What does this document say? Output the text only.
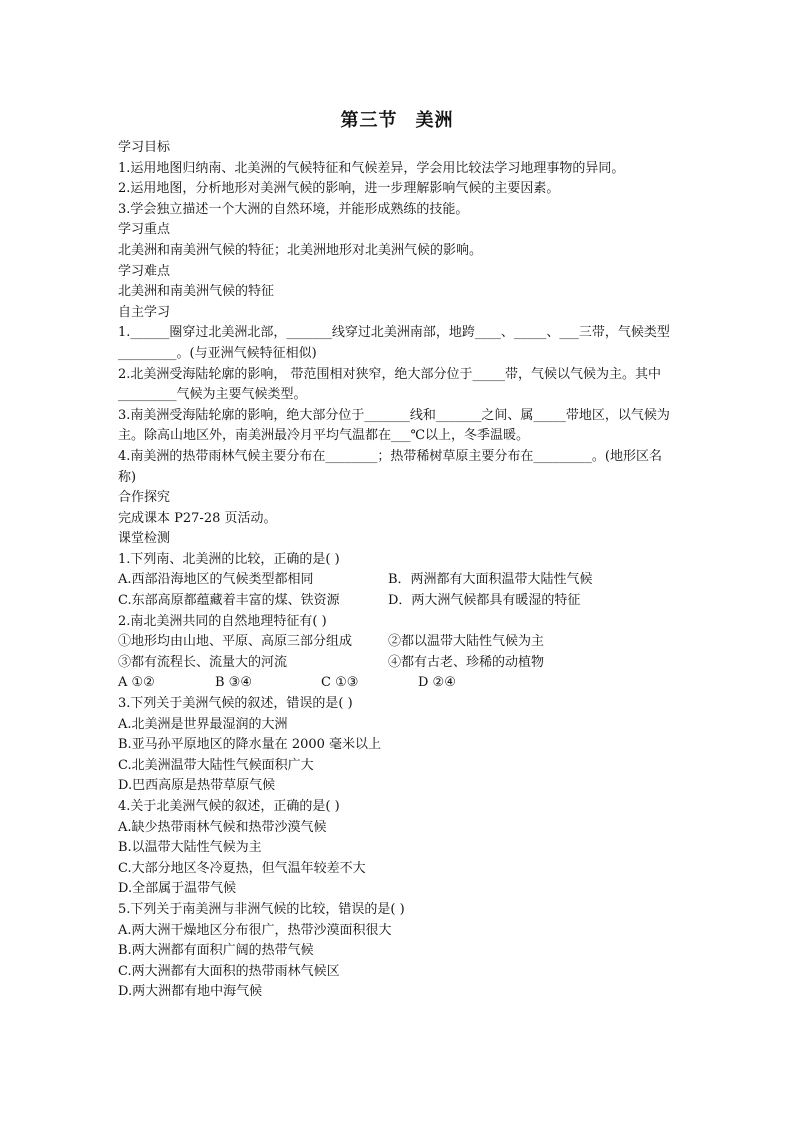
第三节 美洲
学习目标
1.运用地图归纳南、北美洲的气候特征和气候差异，学会用比较法学习地理事物的异同。
2.运用地图，分析地形对美洲气候的影响，进一步理解影响气候的主要因素。
3.学会独立描述一个大洲的自然环境，并能形成熟练的技能。
学习重点
北美洲和南美洲气候的特征；北美洲地形对北美洲气候的影响。
学习难点
北美洲和南美洲气候的特征
自主学习
1.______圈穿过北美洲北部，_______线穿过北美洲南部，地跨____、_____、___三带，气候类型_________。(与亚洲气候特征相似)
2.北美洲受海陆轮廓的影响， 带范围相对狭窄，绝大部分位于_____带，气候以气候为主。其中_________气候为主要气候类型。
3.南美洲受海陆轮廓的影响，绝大部分位于_______线和_______之间、属_____带地区，以气候为主。除高山地区外，南美洲最冷月平均气温都在___℃以上，冬季温暖。
4.南美洲的热带雨林气候主要分布在________；热带稀树草原主要分布在_________。(地形区名称)
合作探究
完成课本 P27-28 页活动。
课堂检测
1.下列南、北美洲的比较，正确的是( )
A.西部沿海地区的气候类型都相同	B．两洲都有大面积温带大陆性气候
C.东部高原都蕴藏着丰富的煤、铁资源	D．两大洲气候都具有暖湿的特征
2.南北美洲共同的自然地理特征有( )
①地形均由山地、平原、高原三部分组成	②都以温带大陆性气候为主
③都有流程长、流量大的河流	④都有古老、珍稀的动植物
A ①②	B ③④	C ①③	D ②④
3.下列关于美洲气候的叙述，错误的是( )
A.北美洲是世界最湿润的大洲
B.亚马孙平原地区的降水量在 2000 毫米以上
C.北美洲温带大陆性气候面积广大
D.巴西高原是热带草原气候
4.关于北美洲气候的叙述，正确的是( )
A.缺少热带雨林气候和热带沙漠气候
B.以温带大陆性气候为主
C.大部分地区冬冷夏热，但气温年较差不大
D.全部属于温带气候
5.下列关于南美洲与非洲气候的比较，错误的是( )
A.两大洲干燥地区分布很广，热带沙漠面积很大
B.两大洲都有面积广阔的热带气候
C.两大洲都有大面积的热带雨林气候区
D.两大洲都有地中海气候
